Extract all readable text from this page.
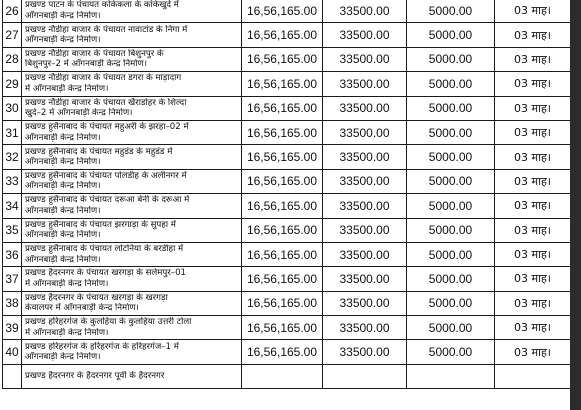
26	प्रखण्ड पाटन के पंचायत कोकेकला के कांकेखुर्द में
आँगनबाड़ी केन्द्र निर्माण।	16,56,165.00	33500.00	5000.00	03 माह।
27	प्रखण्ड नौडीहा बाजार के पंचायत नावाटांड के निगा में
आँगनबाड़ी केन्द्र निर्माण।	16,56,165.00	33500.00	5000.00	03 माह।
28	प्रखण्ड नौडीहा बाजार के पंचायत बिशुनपुर के
बिशुनपुर–2 में आँगनबाड़ी केन्द्र निर्माण।	16,56,165.00	33500.00	5000.00	03 माह।
29	प्रखण्ड नौडीहा बाजार के पंचायत डगरा के माड़ादाग
में आँगनबाड़ी केन्द्र निर्माण।	16,56,165.00	33500.00	5000.00	03 माह।
30	प्रखण्ड नौडीहा बाजार के पंचायत खैराडोहर के शिल्दा
खुर्द–2 में आँगनबाड़ी केन्द्र निर्माण।	16,56,165.00	33500.00	5000.00	03 माह।
31	प्रखण्ड हुसैनाबाद के पंचायत महुअरी के झरहा–02 में
आँगनबाड़ी केन्द्र निर्माण।	16,56,165.00	33500.00	5000.00	03 माह।
32	प्रखण्ड हुसैनाबाद के पंचायत महुडंड के महुडंड में
आँगनबाड़ी केन्द्र निर्माण।	16,56,165.00	33500.00	5000.00	03 माह।
33	प्रखण्ड हुसैनाबाद के पंचायत पोलडीह के अलीनगर में
आँगनबाड़ी केन्द्र निर्माण।	16,56,165.00	33500.00	5000.00	03 माह।
34	प्रखण्ड हुसैनाबाद के पंचायत दरूआ बेनी के दरूआ में
आँगनबाड़ी केन्द्र निर्माण।	16,56,165.00	33500.00	5000.00	03 माह।
35	प्रखण्ड हुसैनाबाद के पंचायत झरगाड़ा के सुपहा में
आँगनबाड़ी केन्द्र निर्माण।	16,56,165.00	33500.00	5000.00	03 माह।
36	प्रखण्ड हुसैनाबाद के पंचायत लोटनिया के बरडीहा में
आँगनबाड़ी केन्द्र निर्माण।	16,56,165.00	33500.00	5000.00	03 माह।
37	प्रखण्ड हैदरनगर के पंचायत खरगड़ा के सलेमपुर–01
में आँगनबाड़ी केन्द्र निर्माण।	16,56,165.00	33500.00	5000.00	03 माह।
38	प्रखण्ड हैदरनगर के पंचायत खरगड़ा के खरगड़ा
केवालपर में आँगनबाड़ी केन्द्र निर्माण।	16,56,165.00	33500.00	5000.00	03 माह।
39	प्रखण्ड हरिहरगंज के कुलहिया के कुलहिया उत्तरी टोला
में आँगनबाड़ी केन्द्र निर्माण।	16,56,165.00	33500.00	5000.00	03 माह।
40	प्रखण्ड हरिहरगंज के हरिहरगंज के हरिहरगंज–1 में
आँगनबाड़ी केन्द्र निर्माण।	16,56,165.00	33500.00	5000.00	03 माह।

	प्रखण्ड हैदरनगर के हैदरनगर पूर्वी के हैदरनगर				
